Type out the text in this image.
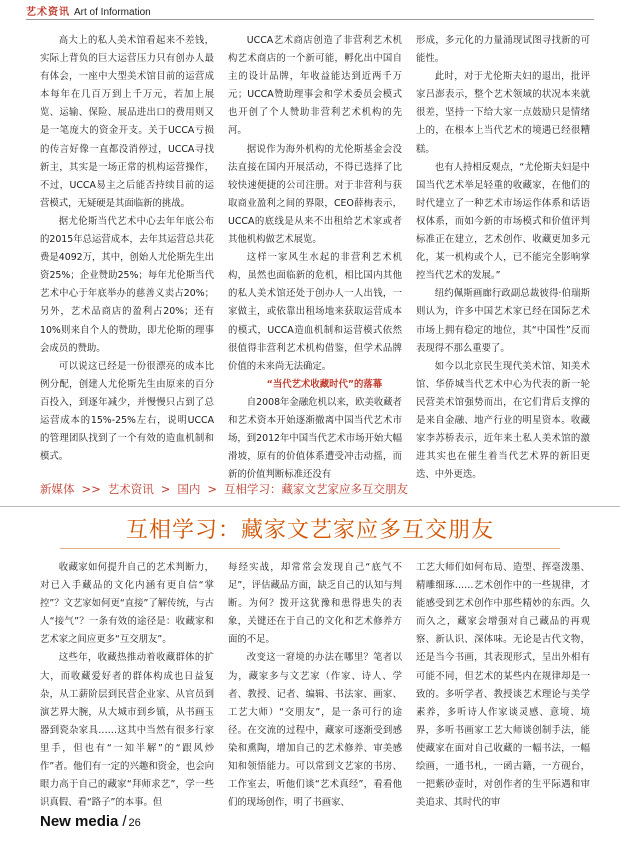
艺术资讯 Art of Information

高大上的私人美术馆看起来不差钱，实际上背负的巨大运营压力只有创办人最有体会，一座中大型美术馆目前的运营成本每年在几百万到上千万元，若加上展览、运输、保险、展品进出口的费用则又是一笔庞大的资金开支。关于UCCA亏损的传言好像一直都没消停过，UCCA寻找新主，其实是一场正常的机构运营操作，不过，UCCA易主之后能否持续目前的运营模式，无疑硬是其面临新的挑战。

据尤伦斯当代艺术中心去年年底公布的2015年总运营成本，去年其运营总共花费是4092万，其中，创始人尤伦斯先生出资25%；企业赞助25%；每年尤伦斯当代艺术中心于年底举办的慈善义卖占20%；另外，艺术品商店的盈利占20%；还有10%则来自个人的赞助，即尤伦斯的理事会成员的赞助。

可以说这已经是一份很漂亮的成本比例分配，创建人尤伦斯先生由原来的百分百投入，到逐年减少，并慢慢只占到了总运营成本的15%-25%左右，说明UCCA的管理团队找到了一个有效的造血机制和模式。

UCCA艺术商店创造了非营利艺术机构艺术商店的一个新可能，孵化出中国自主的设计品牌，年收益能达到近两千万元；UCCA赞助理事会和学术委员会模式也开创了个人赞助非营利艺术机构的先河。

据说作为海外机构的尤伦斯基金会没法直接在国内开展活动，不得已选择了比较快速便捷的公司注册。对于非营利与获取商业盈利之间的界限，CEO薛梅表示，UCCA的底线是从来不出租给艺术家或者其他机构做艺术展览。

这样一家风生水起的非营利艺术机构，虽然也面临新的危机，相比国内其他的私人美术馆还处于创办人一人出钱，一家做主，或依靠出租场地来获取运营成本的模式，UCCA造血机制和运营模式依然很值得非营利艺术机构借鉴，但学术品牌价值的未来尚无法确定。

“当代艺术收藏时代”的落幕

自2008年金融危机以来，欧美收藏者和艺术资本开始逐渐撤离中国当代艺术市场，到2012年中国当代艺术市场开始大幅滑坡，原有的价值体系遭受冲击动摇，而新的价值判断标准还没有

形成，多元化的力量涌现试图寻找新的可能性。

此时，对于尤伦斯夫妇的退出，批评家吕澎表示，整个艺术领域的状况本来就很差，坚持一下给大家一点鼓励只是情绪上的，在根本上当代艺术的境遇已经很糟糕。

也有人持相反观点，“尤伦斯夫妇是中国当代艺术举足轻重的收藏家，在他们的时代建立了一种艺术市场运作体系和话语权体系，而如今新的市场模式和价值评判标准正在建立，艺术创作、收藏更加多元化，某一机构或个人，已不能完全影响掌控当代艺术的发展。”

纽约佩斯画廊行政副总裁彼得·伯瑞斯则认为，许多中国艺术家已经在国际艺术市场上拥有稳定的地位，其“中国性”反而表现得不那么重要了。

如今以北京民生现代美术馆、知美术馆、华侨城当代艺术中心为代表的新一轮民营美术馆强势而出，在它们背后支撑的是来自金融、地产行业的明星资本。收藏家李苏桥表示，近年来土私人美术馆的激进其实也在催生着当代艺术界的新旧更迭、中外更迭。

新媒体 >> 艺术资讯 > 国内 > 互相学习：藏家文艺家应多互交朋友
互相学习：藏家文艺家应多互交朋友

收藏家如何提升自己的艺术判断力，对已入手藏品的文化内涵有更自信“掌控”？文艺家如何更“直接”了解传统，与古人“接气”？一条有效的途径是：收藏家和艺术家之间应更多“互交朋友”。

这些年，收藏热推动着收藏群体的扩大，而收藏爱好者的群体构成也日益复杂，从工薪阶层到民营企业家、从官员到演艺界大腕，从大城市到乡镇，从书画玉器到瓷杂家具……这其中当然有很多行家里手，但也有“一知半解”的“跟风炒作”者。他们有一定的兴趣和资金，也会向眼力高于自己的藏家“拜师求艺”，学一些识真假、看“路子”的本事。但

每经实战，却常常会发现自己“底气不足”，评估藏品方面，缺乏自己的认知与判断。为何？拨开这犹豫和患得患失的表象，关键还在于自己的文化和艺术修养方面的不足。

改变这一窘境的办法在哪里？笔者以为，藏家多与文艺家（作家、诗人、学者、教授、记者、编辑、书法家、画家、工艺大师）“交朋友”，是一条可行的途径。在交流的过程中，藏家可逐渐受到感染和熏陶，增加自己的艺术修养、审美感知和领悟能力。可以常到文艺家的书房、工作室去，听他们谈“艺术真经”，看看他们的现场创作，明了书画家、

工艺大师们如何布局、造型、挥毫泼墨、精雕细琢……艺术创作中的一些规律，才能感受到艺术创作中那些精妙的东西。久而久之，藏家会增强对自己藏品的再观察、新认识、深体味。无论是古代文物，还是当今书画，其表现形式，呈出外相有可能不同，但艺术的某些内在规律却是一致的。多听学者、教授谈艺术理论与美学素养，多听诗人作家谈灵感、意境、境界，多听书画家工艺大师谈创制手法，能使藏家在面对自己收藏的一幅书法，一幅绘画，一通书札，一函古籍，一方砚台，一把紫砂壶时，对创作者的生平际遇和审美追求、其时代的审

New media / 26
